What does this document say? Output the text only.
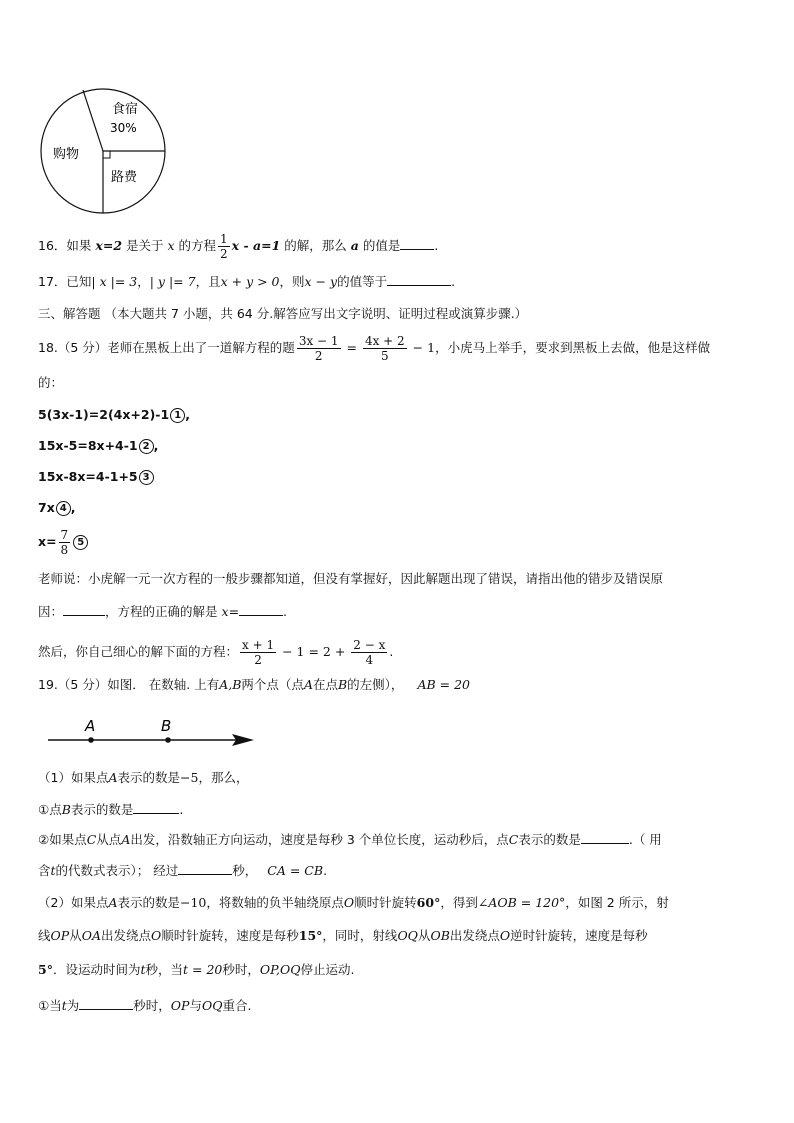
食宿
30%
购物
路费
16．如果 x=2 是关于 x 的方程 $\frac{1}{2}$ x - a=1 的解，那么 a 的值是	.
17．已知| x |= 3，| y |= 7，且x + y > 0，则x − y的值等于	.
三、解答题 （本大题共 7 小题，共 64 分.解答应写出文字说明、证明过程或演算步骤.）
18.（5 分）老师在黑板上出了一道解方程的题 $\frac{3x - 1}{2} = \frac{4x + 2}{5} - 1$，小虎马上举手，要求到黑板上去做，他是这样做
的：
5(3x-1)=2(4x+2)-1 1 ,
15x-5=8x+4-1 2 ,
15x-8x=4-1+5 3
7x 4 ,
$x= \frac{7}{8} 5$
老师说：小虎解一元一次方程的一般步骤都知道，但没有掌握好，因此解题出现了错误，请指出他的错步及错误原
因：	，方程的正确的解是 x=	.
然后，你自己细心的解下面的方程： $\frac{x + 1}{2} - 1 = 2 + \frac{2 - x}{4}$ .
19.（5 分）如图． 在数轴. 上有A,B两个点（点A在点B的左侧）， AB = 20
A	B
（1）如果点A表示的数是−5，那么，
①点B表示的数是	.
②如果点C从点A出发，沿数轴正方向运动，速度是每秒 3 个单位长度，运动秒后，点C表示的数是	.（ 用
含t的代数式表示）； 经过	秒， CA = CB.
（2）如果点A表示的数是−10，将数轴的负半轴绕原点O顺时针旋转60°，得到∠AOB = 120°，如图 2 所示，射
线OP从OA出发绕点O顺时针旋转，速度是每秒15°，同时，射线OQ从OB出发绕点O逆时针旋转，速度是每秒
5°．设运动时间为t秒，当t = 20秒时，OP,OQ停止运动.
①当t为	秒时，OP与OQ重合.
